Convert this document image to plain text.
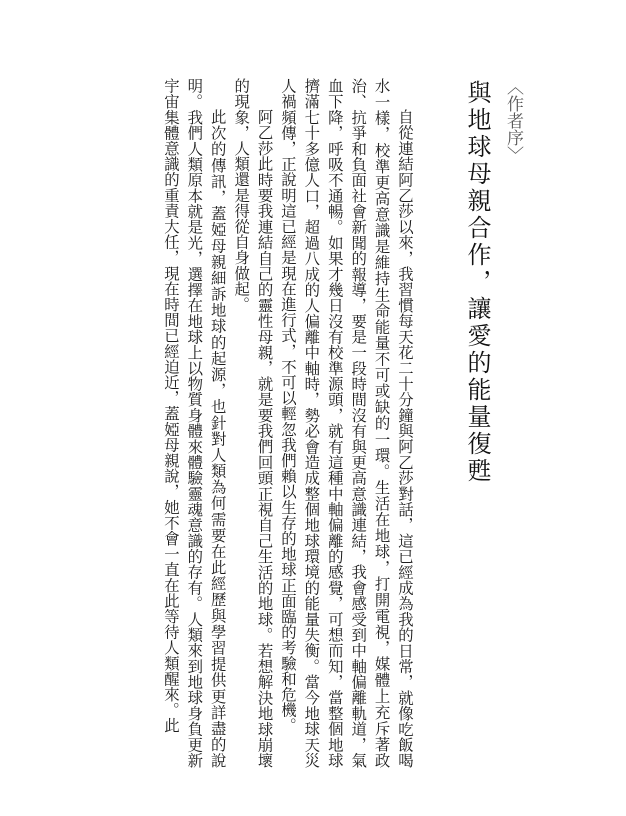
〈作者序〉

與地球母親合作，讓愛的能量復甦

自從連結阿乙莎以來，我習慣每天花二十分鐘與阿乙莎對話，這已經成為我的日常，就像吃飯喝水一樣，校準更高意識是維持生命能量不可或缺的一環。生活在地球，打開電視，媒體上充斥著政治、抗爭和負面社會新聞的報導，要是一段時間沒有與更高意識連結，我會感受到中軸偏離軌道，氣血下降，呼吸不通暢。如果才幾日沒有校準源頭，就有這種中軸偏離的感覺，可想而知，當整個地球擠滿七十多億人口，超過八成的人偏離中軸時，勢必會造成整個地球環境的能量失衡。當今地球天災人禍頻傳，正說明這已經是現在進行式，不可以輕忽我們賴以生存的地球正面臨的考驗和危機。

阿乙莎此時要我連結自己的靈性母親，就是要我們回頭正視自己生活的地球。若想解決地球崩壞的現象，人類還是得從自身做起。

此次的傳訊，蓋婭母親細訴地球的起源，也針對人類為何需要在此經歷與學習提供更詳盡的說明。我們人類原本就是光，選擇在地球上以物質身體來體驗靈魂意識的存有。人類來到地球身負更新宇宙集體意識的重責大任，現在時間已經迫近，蓋婭母親說，她不會一直在此等待人類醒來。此
